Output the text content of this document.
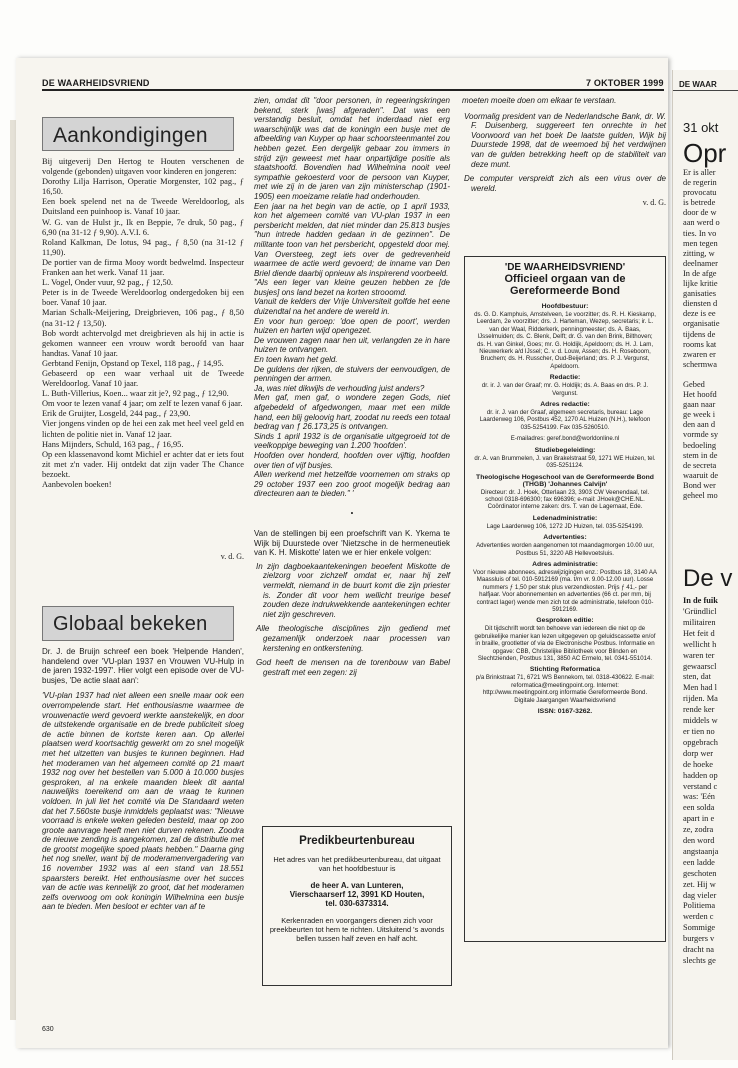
DE WAARHEIDSVRIEND	7 OKTOBER 1999
Aankondigingen

Bij uitgeverij Den Hertog te Houten verschenen de volgende (gebonden) uitgaven voor kinderen en jongeren:

Dorothy Lilja Harrison, Operatie Morgenster, 102 pag., ƒ 16,50.

Een boek spelend net na de Tweede Wereldoorlog, als Duitsland een puinhoop is. Vanaf 10 jaar.

W. G. van de Hulst jr., Ik en Beppie, 7e druk, 50 pag., ƒ 6,90 (na 31-12 ƒ 9,90). A.V.I. 6.

Roland Kalkman, De lotus, 94 pag., ƒ 8,50 (na 31-12 ƒ 11,90).

De portier van de firma Mooy wordt bedwelmd. Inspecteur Franken aan het werk. Vanaf 11 jaar.

L. Vogel, Onder vuur, 92 pag., ƒ 12,50.

Peter is in de Tweede Wereldoorlog ondergedoken bij een boer. Vanaf 10 jaar.

Marian Schalk-Meijering, Dreigbrieven, 106 pag., ƒ 8,50 (na 31-12 ƒ 13,50).

Bob wordt achtervolgd met dreigbrieven als hij in actie is gekomen wanneer een vrouw wordt beroofd van haar handtas. Vanaf 10 jaar.

Gerbtand Fenijn, Opstand op Texel, 118 pag., ƒ 14,95.

Gebaseerd op een waar verhaal uit de Tweede Wereldoorlog. Vanaf 10 jaar.

L. Buth-Villerius, Koen... waar zit je?, 92 pag., ƒ 12,90.

Om voor te lezen vanaf 4 jaar; om zelf te lezen vanaf 6 jaar.

Erik de Gruijter, Losgeld, 244 pag., ƒ 23,90.

Vier jongens vinden op de hei een zak met heel veel geld en lichten de politie niet in. Vanaf 12 jaar.

Hans Mijnders, Schuld, 163 pag., ƒ 16,95.

Op een klassenavond komt Michiel er achter dat er iets fout zit met z'n vader. Hij ontdekt dat zijn vader The Chance bezoekt.

Aanbevolen boeken!

v. d. G.
Globaal bekeken

Dr. J. de Bruijn schreef een boek 'Helpende Handen', handelend over 'VU-plan 1937 en Vrouwen VU-Hulp in de jaren 1932-1997'. Hier volgt een episode over de VU-busjes, 'De actie slaat aan':

'VU-plan 1937 had niet alleen een snelle maar ook een overrompelende start. Het enthousiasme waarmee de vrouwenactie werd gevoerd werkte aanstekelijk, en door de uitstekende organisatie en de brede publiciteit sloeg de actie binnen de kortste keren aan. Op allerlei plaatsen werd koortsachtig gewerkt om zo snel mogelijk met het uitzetten van busjes te kunnen beginnen. Had het moderamen van het algemeen comité op 21 maart 1932 nog over het bestellen van 5.000 à 10.000 busjes gesproken, al na enkele maanden bleek dit aantal nauwelijks toereikend om aan de vraag te kunnen voldoen. In juli liet het comité via De Standaard weten dat het 7.560ste busje inmiddels geplaatst was: "Nieuwe voorraad is enkele weken geleden besteld, maar op zoo groote aanvrage heeft men niet durven rekenen. Zoodra de nieuwe zending is aangekomen, zal de distributie met de grootst mogelijke spoed plaats hebben." Daarna ging het nog sneller, want bij de moderamenvergadering van 16 november 1932 was al een stand van 18.551 spaarsters bereikt. Het enthousiasme over het succes van de actie was kennelijk zo groot, dat het moderamen zelfs overwoog om ook koningin Wilhelmina een busje aan te bieden. Men besloot er echter van af te

630

zien, omdat dit "door personen, in regeeringskringen bekend, sterk [was] afgeraden". Dat was een verstandig besluit, omdat het inderdaad niet erg waarschijnlijk was dat de koningin een busje met de afbeelding van Kuyper op haar schoorsteenmantel zou hebben gezet. Een dergelijk gebaar zou immers in strijd zijn geweest met haar onpartijdige positie als staatshoofd. Bovendien had Wilhelmina nooit veel sympathie gekoesterd voor de persoon van Kuyper, met wie zij in de jaren van zijn ministerschap (1901-1905) een moeizame relatie had onderhouden.

Een jaar na het begin van de actie, op 1 april 1933, kon het algemeen comité van VU-plan 1937 in een persbericht melden, dat niet minder dan 25.813 busjes "hun intrede hadden gedaan in de gezinnen". De militante toon van het persbericht, opgesteld door mej. Van Oversteeg, zegt iets over de gedrevenheid waarmee de actie werd gevoerd; de inname van Den Briel diende daarbij opnieuw als inspirerend voorbeeld.

"Als een leger van kleine geuzen hebben ze [de busjes] ons land bezet na korten strooomd.

Vanuit de kelders der Vrije Universiteit golfde het eene duizendtal na het andere de wereld in.

En voor hun geroep: 'doe open de poort', werden huizen en harten wijd opengezet.

De vrouwen zagen naar hen uit, verlangden ze in hare huizen te ontvangen.

En toen kwam het geld.

De guldens der rijken, de stuivers der eenvoudigen, de penningen der armen.

Ja, was niet dikwijls de verhouding juist anders?

Men gaf, men gaf, o wondere zegen Gods, niet afgebedeld of afgedwongen, maar met een milde hand, een blij geloovig hart, zoodat nu reeds een totaal bedrag van ƒ 26.173,25 is ontvangen.

Sinds 1 april 1932 is de organisatie uitgegroeid tot de veelkoppige beweging van 1.200 'hoofden'.

Hoofden over honderd, hoofden over vijftig, hoofden over tien of vijf busjes.

Allen werkend met hetzelfde voornemen om straks op 29 october 1937 een zoo groot mogelijk bedrag aan directeuren aan te bieden." '

•

Van de stellingen bij een proefschrift van K. Ykema te Wijk bij Duurstede over 'Nietzsche in de hermeneutiek van K. H. Miskotte' laten we er hier enkele volgen:

In zijn dagboekaantekeningen beoefent Miskotte de zielzorg voor zichzelf omdat er, naar hij zelf vermeldt, niemand in de buurt komt die zijn priester is. Zonder dit voor hem wellicht treurige besef zouden deze indrukwekkende aantekeningen echter niet zijn geschreven.

Alle theologische disciplines zijn gediend met gezamenlijk onderzoek naar processen van kerstening en ontkerstening.

God heeft de mensen na de torenbouw van Babel gestraft met een zegen: zij

Predikbeurtenbureau
Het adres van het predikbeurtenbureau, dat uitgaat van het hoofdbestuur is
de heer A. van Lunteren,
Vierschaarserf 12, 3991 KD Houten,
tel. 030-6373314.
Kerkenraden en voorgangers dienen zich voor preekbeurten tot hem te richten. Uitsluitend 's avonds bellen tussen half zeven en half acht.

moeten moeite doen om elkaar te verstaan.

Voormalig president van de Nederlandsche Bank, dr. W. F. Duisenberg, suggereert ten onrechte in het Voorwoord van het boek De laatste gulden, Wijk bij Duurstede 1998, dat de weemoed bij het verdwijnen van de gulden betrekking heeft op de stabiliteit van deze munt.

De computer verspreidt zich als een virus over de wereld.

v. d. G.
'DE WAARHEIDSVRIEND'
Officieel orgaan van de
Gereformeerde Bond
Hoofdbestuur:

ds. G. D. Kamphuis, Amstelveen, 1e voorzitter; ds. R. H. Kieskamp, Leerdam, 2e voorzitter; drs. J. Harteman, Wezep, secretaris; ir. L. van der Waal, Ridderkerk, penningmeester; ds. A. Baas, IJsselmuiden; ds. C. Blenk, Delft; dr. G. van den Brink, Bilthoven; ds. H. van Ginkel, Goes; mr. G. Holdijk, Apeldoorn; ds. H. J. Lam, Nieuwerkerk a/d IJssel; C. v. d. Louw, Assen; ds. H. Roseboom, Bruchem; ds. H. Russcher, Oud-Beijerland; drs. P. J. Vergunst, Apeldoorn.

Redactie:

dr. ir. J. van der Graaf; mr. G. Holdijk; ds. A. Baas en drs. P. J. Vergunst.

Adres redactie:

dr. ir. J. van der Graaf, algemeen secretaris, bureau: Lage Laarderweg 106, Postbus 452, 1270 AL Huizen (N.H.), telefoon 035-5254199. Fax 035-5260510.

E-mailadres: geref.bond@worldonline.nl

Studiebegeleiding:

dr. A. van Brummelen, J. van Brakelstraat 59, 1271 WE Huizen, tel. 035-5251124.

Theologische Hogeschool van de Gereformeerde Bond (THGB) 'Johannes Calvijn'

Directeur: dr. J. Hoek, Otterlaan 23, 3903 CW Veenendaal, tel. school 0318-696300; fax 696396; e-mail: JHoek@CHE.NL. Coördinator interne zaken: drs. T. van de Lagemaat, Ede.

Ledenadministratie:

Lage Laarderweg 106, 1272 JD Huizen, tel. 035-5254199.

Advertenties:

Advertenties worden aangenomen tot maandagmorgen 10.00 uur, Postbus 51, 3220 AB Hellevoetsluis.

Adres administratie:

Voor nieuwe abonnees, adreswijzigingen enz.: Postbus 18, 3140 AA Maassluis of tel. 010-5912169 (ma. t/m vr. 9.00-12.00 uur). Losse nummers ƒ 1,50 per stuk plus verzendkosten. Prijs ƒ 41,- per halfjaar. Voor abonnementen en advertenties (66 ct. per mm, bij contract lager) wende men zich tot de administratie, telefoon 010-5912169.

Gesproken editie:

Dit tijdschrift wordt ten behoeve van iedereen die niet op de gebruikelijke manier kan lezen uitgegeven op geluidscassette en/of in braille, grootletter of via de Electronische Postbus. Informatie en opgave: CBB, Christelijke Bibliotheek voor Blinden en Slechtzienden, Postbus 131, 3850 AC Ermelo, tel. 0341-551014.

Stichting Reformatica

p/a Brinkstraat 71, 6721 WS Bennekom, tel. 0318-430622. E-mail: reformatica@meetingpoint.org. Internet: http://www.meetingpoint.org informatie Gereformeerde Bond. Digitale Jaargangen Waarheidsvriend

ISSN: 0167-3262.
DE WAAR
31 okt
Opr
Er is aller
de regerin
provocatu
is betrede
door de w
aan werd o
ties. In vo
men tegen
zitting, w
deelnamer
In de afge
lijke kritie
ganisaties
diensten d
deze is ee
organisatie
tijdens de
rooms kat
zwaren er
schermwa
Gebed
Het hoofd
gaan naar
ge week i
den aan d
vormde sy
bedoeling
stem in de
de secreta
waaruit de
Bond wer
geheel mo
De v
In de fuik
'Gründlicl
militairen
Het feit d
wellicht h
waren ter
gewaarscl
sten, dat
Men had l
rijden. Ma
rende ker
middels w
er tien no
opgebrach
dorp wer
de hoeke
hadden op
verstand c
was: 'Eén
een solda
apart in e
ze, zodra
den word
angstaanja
een ladde
geschoten
zet. Hij w
dag vieler
Politiema
werden c
Sommige
burgers v
dracht na
slechts ge
